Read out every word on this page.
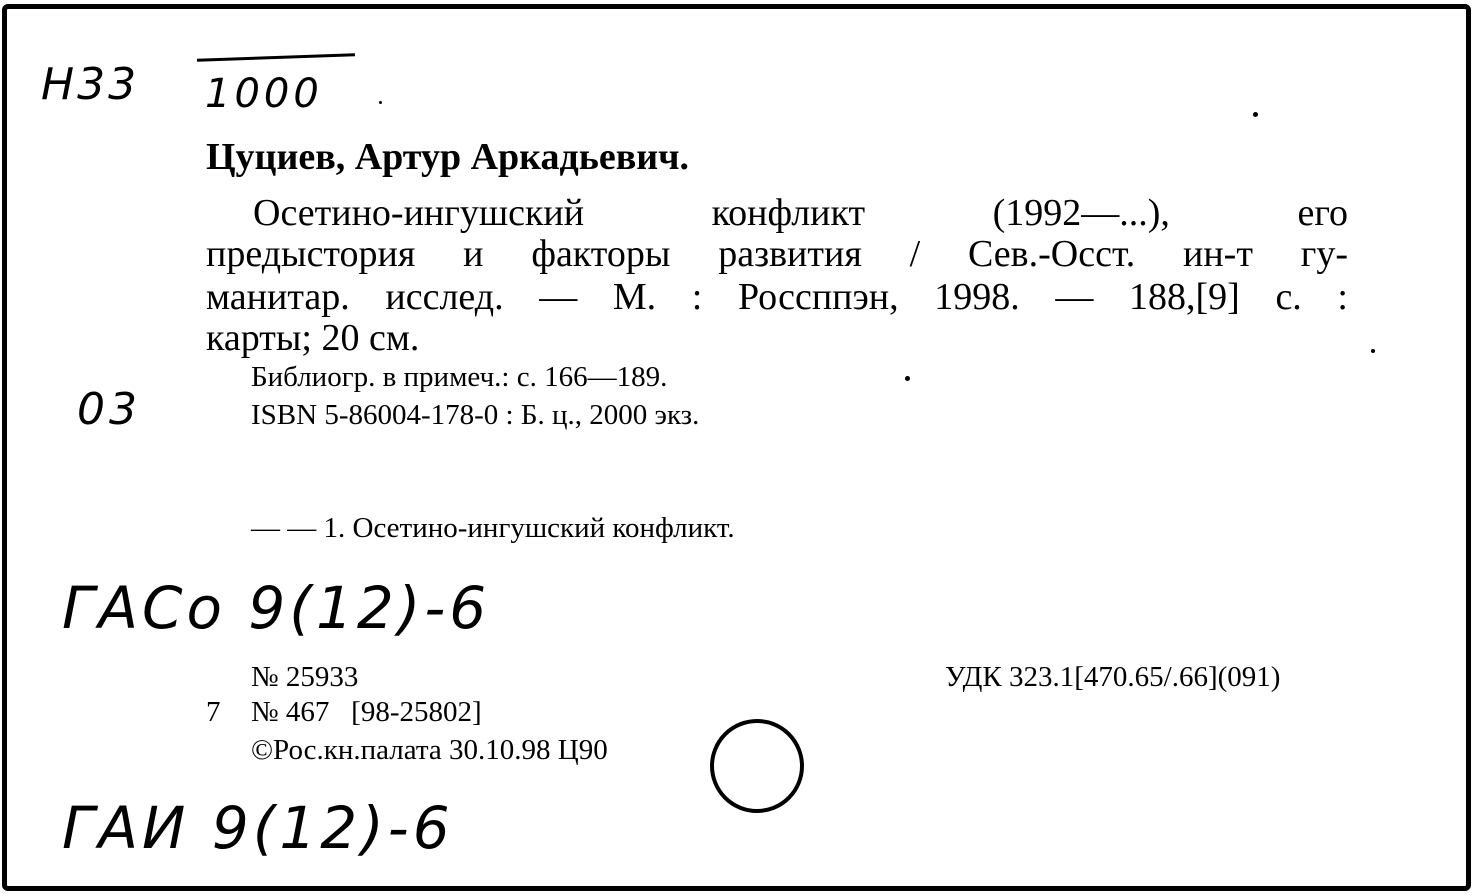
Н33 1000
Цуциев, Артур Аркадьевич.
Осетино-ингушский конфликт (1992—...), его
предыстория и факторы развития / Сев.-Осст. ин-т гу-
манитар. исслед. — М. : Россппэн, 1998. — 188,[9] с. :
карты; 20 см.
Библиогр. в примеч.: с. 166—189.
03	ISBN 5-86004-178-0 : Б. ц., 2000 экз.
— — 1. Осетино-ингушский конфликт.
ГАСо 9(12)-6
№ 25933	УДК 323.1[470.65/.66](091)
7 № 467   [98-25802]
©Рос.кн.палата 30.10.98 Ц90
ГАИ 9(12)-6
